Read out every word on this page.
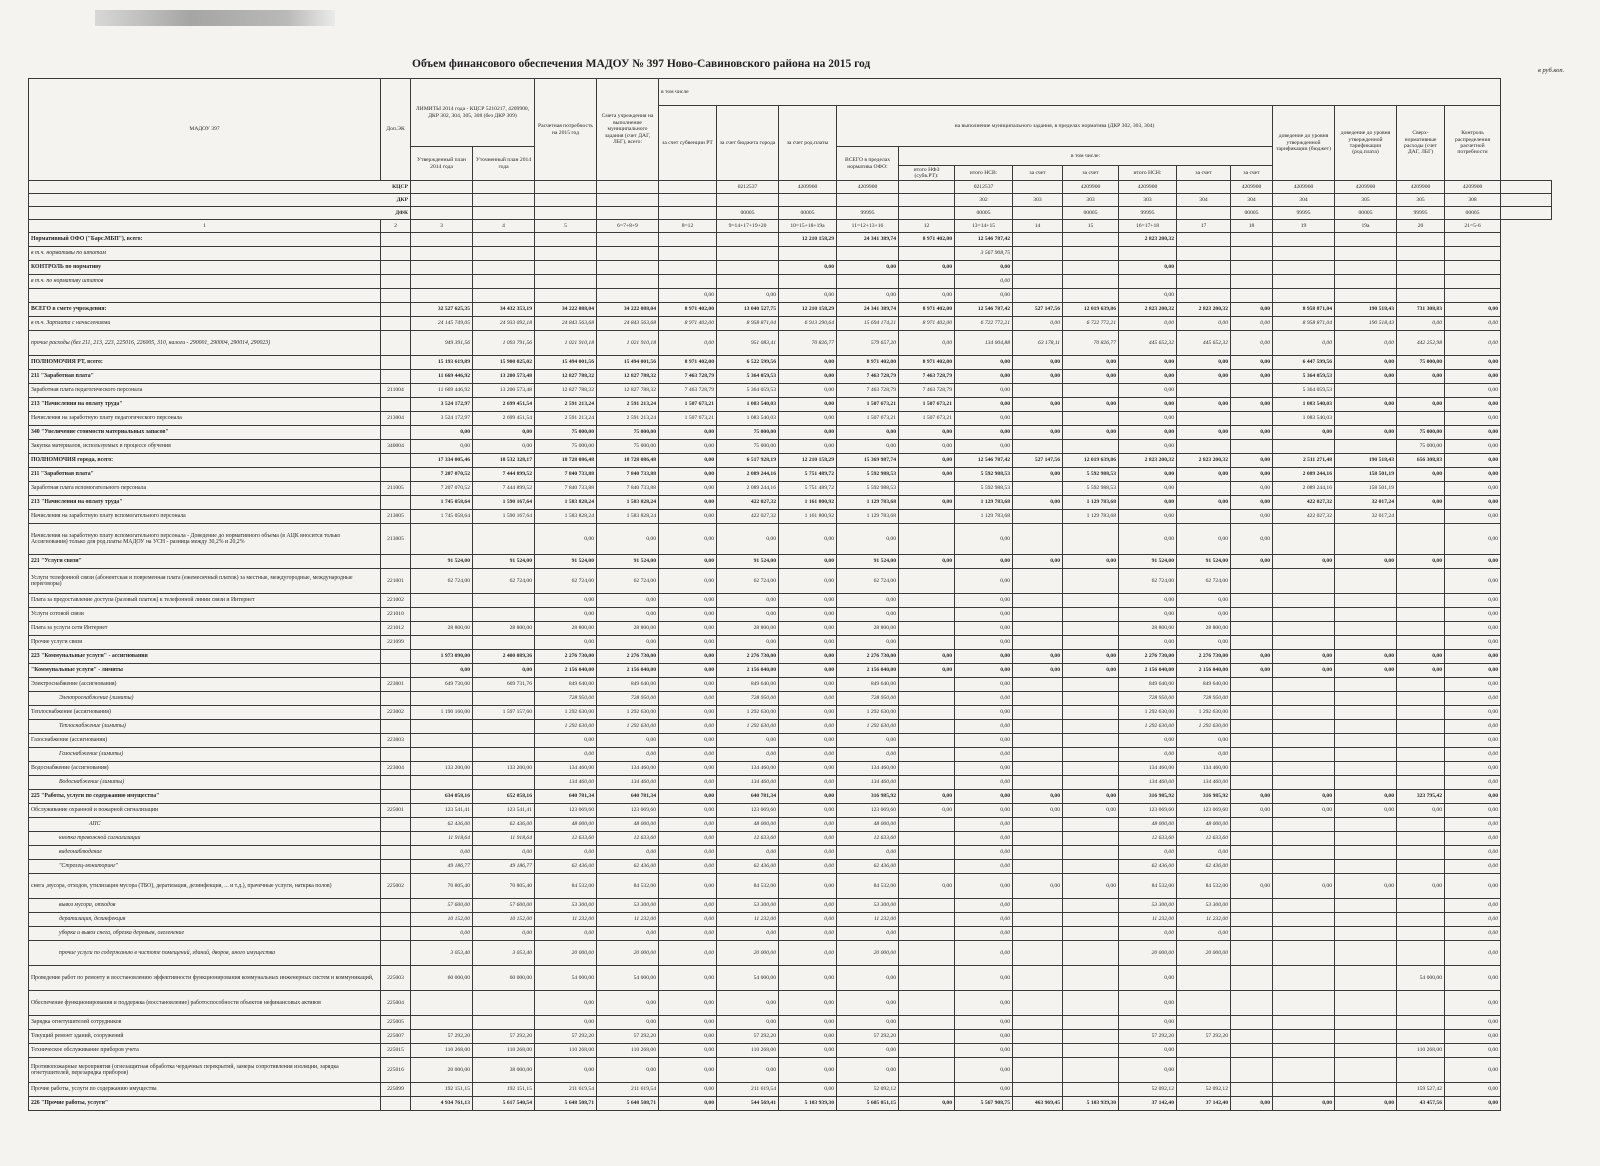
Объем финансового обеспечения МАДОУ № 397 Ново-Савиновского района на 2015 год
в руб.коп.
МАДОУ 397	Доп.ЭК	ЛИМИТЫ 2014 года - КЦСР 5210217, 4209900, ДКР 302, 304, 305, 308 (без ДКР 309)		Расчетная потребность на 2015 год	Смета учреждения на выполнение муниципального задания (счет ДАГ, ЛБГ), всего:	в том числе															
						за счет субвенции РТ	за счет бюджета города	за счет род.платы	на выполнение муниципального задания, в пределах норматива (ДКР 302, 303, 304)								доведение до уровня утвержденной тарификации (бюджет)	доведение до уровня утвержденной тарификации (род.плата)	Сверх-нормативные расходы (счет ДАГ, ЛБГ)	Контроль распределения расчетной потребности	
		Утвержденный план 2014 года	Уточненный план 2014 года						ВСЕГО в пределах норматива ОФО:	в том числе:											
										итого НФЗ (субв.РТ):	итого НСВ:	за счет	за счет	итого НСН:	за счет	за счет					
КЦСР							0212537	4209900	4209900		0212537		4209900	4209900		4209900	4209900	4209900	4209900	4209900	
ДКР											302	303	303	303	304	304	304	305	305	308	
ДФК							00005	00005	99995		00005		00005	99995		00005	99995	00005	99995	00005	
1	2	3	4	5	6=7+8+9	8=12	9=14+17+19+20	10=15+18+19a	11=12+13+16	12	13=14+15	14	15	16=17+18	17	18	19	19a	20	21=5-6	
Нормативный ОФО ("Барс.МБП"), всего:								12 210 158,29	24 341 389,74	8 971 402,00	12 546 787,42			2 823 200,32							
в т.ч. нормативы по штатам											3 567 908,75										
КОНТРОЛЬ по нормативу								0,00	0,00	0,00	0,00			0,00							
в т.ч. по нормативу штатов											0,00										
						0,00	0,00	0,00	0,00	0,00	0,00			0,00							
ВСЕГО в смете учреждения:		32 527 625,35	34 432 353,19	34 222 088,04	34 222 088,04	8 971 402,00	13 040 527,75	12 210 158,29	24 341 389,74	8 971 402,00	12 546 787,42	527 147,56	12 019 639,86	2 823 200,32	2 823 200,32	0,00	8 958 871,04	190 518,43	731 308,83	0,00	
в т.ч. Зарплата с начислениями		24 145 749,05	24 933 092,18	24 843 563,68	24 843 563,68	8 971 402,00	8 958 871,04	6 913 290,64	15 694 174,21	8 971 402,00	6 722 772,21	0,00	6 722 772,21	0,00	0,00	0,00	8 958 871,04	190 518,43	0,00	0,00	
прочие расходы (без 211, 213, 223, 225016, 226005, 310, налоги - 290001, 290004, 290014, 290023)		949 391,56	1 093 791,56	1 021 910,18	1 021 910,18	0,00	951 083,41	70 826,77	579 657,20	0,00	134 004,88	63 178,11	70 826,77	445 652,32	445 652,32	0,00	0,00	0,00	442 252,98	0,00	
ПОЛНОМОЧИЯ РТ, всего:		15 193 619,89	15 900 025,02	15 494 001,56	15 494 001,56	8 971 402,00	6 522 599,56	0,00	8 971 402,00	8 971 402,00	0,00	0,00	0,00	0,00	0,00	0,00	6 447 599,56	0,00	75 000,00	0,00	
211 "Заработная плата"		11 669 446,92	13 200 573,48	12 827 788,32	12 827 788,32	7 463 728,79	5 364 059,53	0,00	7 463 728,79	7 463 728,79	0,00	0,00	0,00	0,00	0,00	0,00	5 364 059,53	0,00	0,00	0,00	
Заработная плата педагогического персонала	211004	11 669 446,92	13 200 573,48	12 827 788,32	12 827 788,32	7 463 728,79	5 364 059,53	0,00	7 463 728,79	7 463 728,79	0,00			0,00			5 364 059,53			0,00	
213 "Начисления на оплату труда"		3 524 172,97	2 699 451,54	2 591 213,24	2 591 213,24	1 507 673,21	1 083 540,03	0,00	1 507 673,21	1 507 673,21	0,00	0,00	0,00	0,00	0,00	0,00	1 083 540,03	0,00	0,00	0,00	
Начисления на заработную плату педагогического персонала	213004	3 524 172,97	2 699 451,54	2 591 213,24	2 591 213,24	1 507 673,21	1 083 540,03	0,00	1 507 673,21	1 507 673,21	0,00			0,00			1 083 540,03			0,00	
340 "Увеличение стоимости материальных запасов"		0,00	0,00	75 000,00	75 000,00	0,00	75 000,00	0,00	0,00	0,00	0,00	0,00	0,00	0,00	0,00	0,00	0,00	0,00	75 000,00	0,00	
Закупка материалов, используемых в процессе обучения	340004	0,00	0,00	75 000,00	75 000,00	0,00	75 000,00	0,00	0,00	0,00	0,00			0,00					75 000,00	0,00	
ПОЛНОМОЧИЯ города, всего:		17 334 005,46	18 532 328,17	18 728 086,48	18 728 086,48	0,00	6 517 928,19	12 210 158,29	15 369 987,74	0,00	12 546 787,42	527 147,56	12 019 639,86	2 823 200,32	2 823 200,32	0,00	2 511 271,48	190 518,43	656 308,83	0,00	
211 "Заработная плата"		7 207 070,52	7 444 899,52	7 840 733,88	7 840 733,88	0,00	2 089 244,16	5 751 489,72	5 592 988,53	0,00	5 592 988,53	0,00	5 592 988,53	0,00	0,00	0,00	2 089 244,16	158 501,19	0,00	0,00	
Заработная плата вспомогательного персонала	211005	7 207 070,52	7 444 899,52	7 840 733,88	7 840 733,88	0,00	2 089 244,16	5 751 489,72	5 592 988,53		5 592 988,53		5 592 988,53	0,00		0,00	2 089 244,16	158 501,19		0,00	
213 "Начисления на оплату труда"		1 745 058,64	1 590 167,64	1 583 828,24	1 583 828,24	0,00	422 027,32	1 161 800,92	1 129 783,68	0,00	1 129 783,68	0,00	1 129 783,68	0,00	0,00	0,00	422 027,32	32 017,24	0,00	0,00	
Начисления на заработную плату вспомогательного персонала	213005	1 745 058,64	1 590 167,64	1 583 828,24	1 583 828,24	0,00	422 027,32	1 161 800,92	1 129 783,68		1 129 783,68		1 129 783,68	0,00		0,00	422 027,32	32 017,24		0,00	
Начисления на заработную плату вспомогательного персонала - Доведение до нормативного объема (в АЦК вносится только Ассигнования) только для род.платы МАДОУ на УСН - разница между 30,2% и 20,2%	213005			0,00	0,00	0,00	0,00	0,00	0,00		0,00			0,00	0,00	0,00				0,00	
221 "Услуги связи"		91 524,00	91 524,00	91 524,00	91 524,00	0,00	91 524,00	0,00	91 524,00	0,00	0,00	0,00	0,00	91 524,00	91 524,00	0,00	0,00	0,00	0,00	0,00	
Услуги телефонной связи (абонентская и повременная плата (ежемесячный платеж) за местные, междугородные, международные переговоры)	221001	62 724,00	62 724,00	62 724,00	62 724,00	0,00	62 724,00	0,00	62 724,00		0,00			62 724,00	62 724,00					0,00	
Плата за предоставление доступа (разовый платеж) к телефонной линии связи и Интернет	221002			0,00	0,00	0,00	0,00	0,00	0,00		0,00			0,00	0,00					0,00	
Услуги сотовой связи	221010			0,00	0,00	0,00	0,00	0,00	0,00		0,00			0,00	0,00					0,00	
Плата за услуги сети Интернет	221012	28 800,00	28 800,00	28 800,00	28 800,00	0,00	28 800,00	0,00	28 800,00		0,00			28 800,00	28 800,00					0,00	
Прочие услуги связи	221099			0,00	0,00	0,00	0,00	0,00	0,00		0,00			0,00	0,00					0,00	
223 "Коммунальные услуги" - ассигнования		1 973 090,00	2 400 089,36	2 276 730,00	2 276 730,00	0,00	2 276 730,00	0,00	2 276 730,00	0,00	0,00	0,00	0,00	2 276 730,00	2 276 730,00	0,00	0,00	0,00	0,00	0,00	
"Коммунальные услуги" - лимиты		0,00	0,00	2 156 040,00	2 156 040,00	0,00	2 156 040,00	0,00	2 156 040,00	0,00	0,00	0,00	0,00	2 156 040,00	2 156 040,00	0,00	0,00	0,00	0,00	0,00	
Электроснабжение (ассигнования)	223001	649 730,00	669 731,76	849 640,00	849 640,00	0,00	849 640,00	0,00	849 640,00		0,00			849 640,00	849 640,00					0,00	
Электроснабжение (лимиты)				728 950,00	728 950,00	0,00	728 950,00	0,00	728 950,00		0,00			728 950,00	728 950,00					0,00	
Теплоснабжение (ассигнования)	223002	1 190 160,00	1 597 157,60	1 292 630,00	1 292 630,00	0,00	1 292 630,00	0,00	1 292 630,00		0,00			1 292 630,00	1 292 630,00					0,00	
Теплоснабжение (лимиты)				1 292 630,00	1 292 630,00	0,00	1 292 630,00	0,00	1 292 630,00		0,00			1 292 630,00	1 292 630,00					0,00	
Газоснабжение (ассигнования)	223003			0,00	0,00	0,00	0,00	0,00	0,00		0,00			0,00	0,00					0,00	
Газоснабжение (лимиты)				0,00	0,00	0,00	0,00	0,00	0,00		0,00			0,00	0,00					0,00	
Водоснабжение (ассигнования)	223004	133 200,00	133 200,00	134 460,00	134 460,00	0,00	134 460,00	0,00	134 460,00		0,00			134 460,00	134 460,00					0,00	
Водоснабжение (лимиты)				134 460,00	134 460,00	0,00	134 460,00	0,00	134 460,00		0,00			134 460,00	134 460,00					0,00	
225 "Работы, услуги по содержанию имущества"		634 058,16	652 058,16	640 781,34	640 781,34	0,00	640 781,34	0,00	316 985,92	0,00	0,00	0,00	0,00	316 985,92	316 985,92	0,00	0,00	0,00	323 795,42	0,00	
Обслуживание охранной и пожарной сигнализации	225001	123 541,41	123 541,41	123 069,60	123 069,60	0,00	123 069,60	0,00	123 069,60	0,00	0,00	0,00	0,00	123 069,60	123 069,60	0,00	0,00	0,00	0,00	0,00	
АПС		62 436,00	62 436,00	48 000,00	48 000,00	0,00	48 000,00	0,00	48 000,00		0,00			48 000,00	48 000,00					0,00	
кнопка тревожной сигнализации		11 918,64	11 918,64	12 633,60	12 633,60	0,00	12 633,60	0,00	12 633,60		0,00			12 633,60	12 633,60					0,00	
видеонаблюдение		0,00	0,00	0,00	0,00	0,00	0,00	0,00	0,00		0,00			0,00	0,00					0,00	
"Стрелец-мониторинг"		49 186,77	49 186,77	62 436,00	62 436,00	0,00	62 436,00	0,00	62 436,00		0,00			62 436,00	62 436,00					0,00	
снега ,мусора, отходов, утилизация мусора (ТБО), дератизация, дезинфекция, ... и т.д.), прачечные услуги, наткрка полов)	225002	70 805,40	70 805,40	84 532,00	84 532,00	0,00	84 532,00	0,00	84 532,00	0,00	0,00	0,00	0,00	84 532,00	84 532,00	0,00	0,00	0,00	0,00	0,00	
вывоз мусора, отходов		57 600,00	57 600,00	53 300,00	53 300,00	0,00	53 300,00	0,00	53 300,00		0,00			53 300,00	53 300,00					0,00	
дератизация, дезинфекция		10 152,00	10 152,00	11 232,00	11 232,00	0,00	11 232,00	0,00	11 232,00		0,00			11 232,00	11 232,00					0,00	
уборка и вывоз снега, обрезка деревьев, озеленение		0,00	0,00	0,00	0,00	0,00	0,00	0,00	0,00		0,00			0,00	0,00					0,00	
прочие услуги по содержанию в чистоте помещений, зданий, дворов, иного имущества		3 053,40	3 053,40	20 000,00	20 000,00	0,00	20 000,00	0,00	20 000,00		0,00			20 000,00	20 000,00					0,00	
Проведение работ по ремонту и восстановлению эффективности функционирования коммунальных инженерных систем и коммуникаций,	225003	60 000,00	60 000,00	54 000,00	54 000,00	0,00	54 000,00	0,00	0,00		0,00			0,00					54 000,00	0,00	
Обеспечение функционирования и поддержка (восстановление) работоспособности объектов нефинансовых активов	225004			0,00	0,00	0,00	0,00	0,00	0,00		0,00			0,00						0,00	
Зарядка огнетушителей сотрудников	225005			0,00	0,00	0,00	0,00	0,00	0,00		0,00			0,00						0,00	
Текущий ремонт зданий, сооружений	225007	57 292,20	57 292,20	57 292,20	57 292,20	0,00	57 292,20	0,00	57 292,20		0,00			57 292,20	57 292,20					0,00	
Техническое обслуживание приборов учета	225015	110 268,00	110 268,00	110 268,00	110 268,00	0,00	110 268,00	0,00	0,00		0,00			0,00					110 268,00	0,00	
Противопожарные мероприятия (огнезащитная обработка чердачных перекрытий, замеры сопротивления изоляции, зарядка огнетушителей, перезарядка приборов)	225016	20 000,00	38 000,00	0,00	0,00	0,00	0,00	0,00	0,00		0,00			0,00						0,00	
Прочие работы, услуги по содержанию имущества	225099	192 151,15	192 151,15	211 619,54	211 619,54	0,00	211 619,54	0,00	52 092,12		0,00			52 092,12	52 092,12				159 527,42	0,00	
226 "Прочие работы, услуги"		4 934 761,13	5 617 540,54	5 648 508,71	5 648 508,71	0,00	544 569,41	5 103 939,30	5 605 051,15	0,00	5 567 908,75	463 969,45	5 103 939,30	37 142,40	37 142,40	0,00	0,00	0,00	43 457,56	0,00	
